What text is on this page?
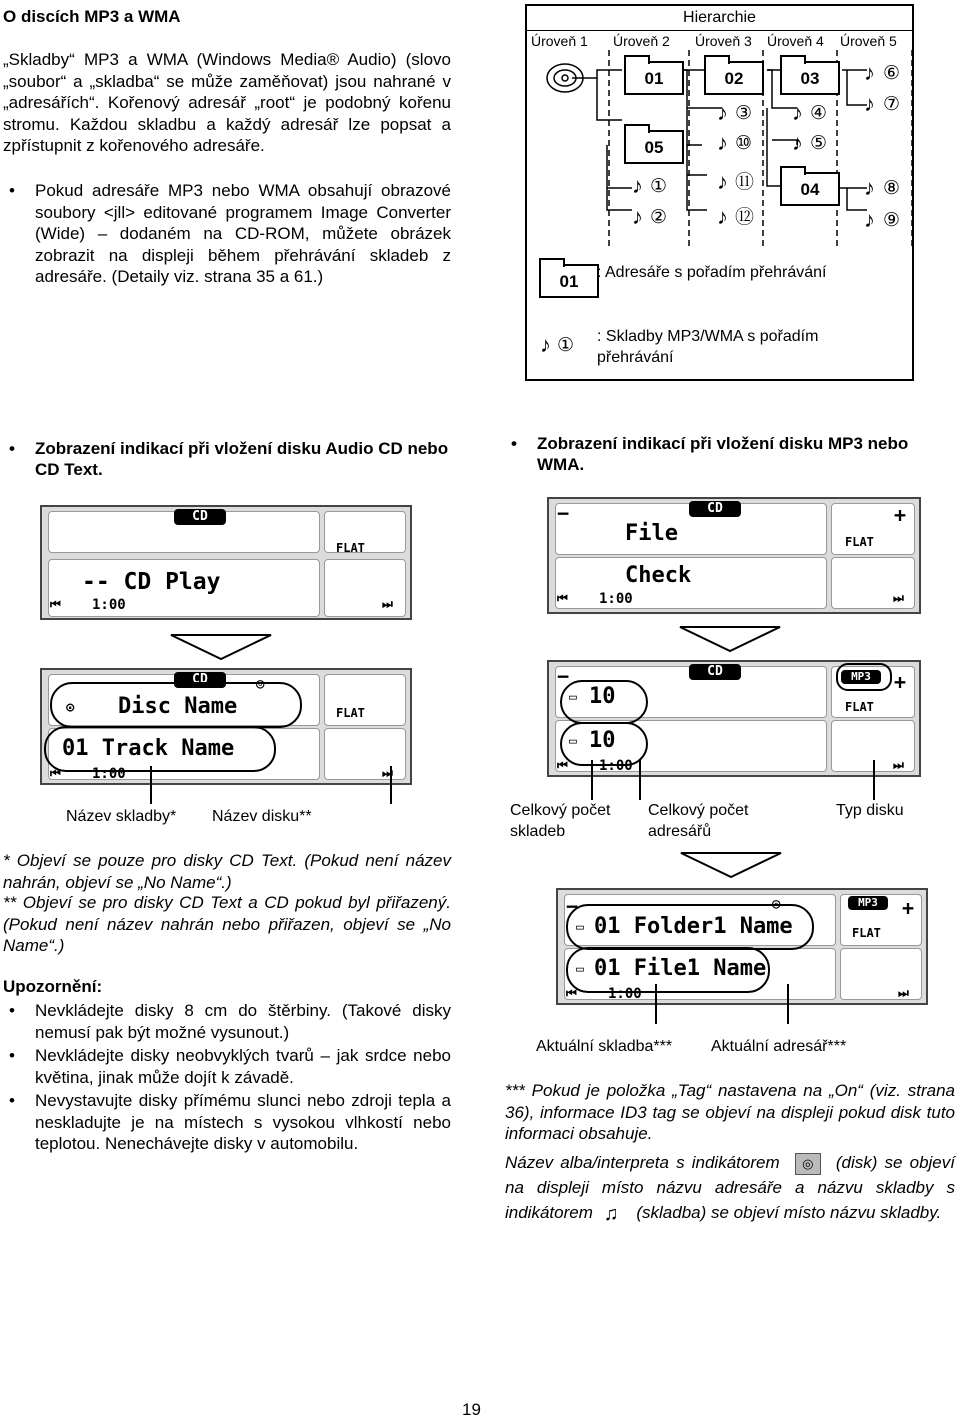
O discích MP3 a WMA
„Skladby“ MP3 a WMA (Windows Media® Audio) (slovo „soubor“ a „skladba“ se může zaměňovat) jsou nahrané v „adresářích“. Kořenový adresář „root“ je podobný kořenu stromu. Každou skladbu a každý adresář lze popsat a zpřístupnit z kořenového adresáře.
• Pokud adresáře MP3 nebo WMA obsahují obrazové soubory <jll> editované programem Image Converter (Wide) – dodaném na CD-ROM, můžete obrázek zobrazit na displeji během přehrávání skladeb z adresáře. (Detaily viz. strana 35 a 61.)
Hierarchie
Úroveň 1 Úroveň 2 Úroveň 3 Úroveň 4 Úroveň 5
01	02	03
05
04
♪ ⑥
♪ ⑦
♪ ③ ♪ ④
♪ ⑩ ♪ ⑤
♪ ① ♪ ⑪	♪ ⑧
♪ ② ♪ ⑫	♪ ⑨
01	: Adresáře s pořadím přehrávání
♪ ① : Skladby MP3/WMA s pořadím přehrávání
• Zobrazení indikací při vložení disku Audio CD nebo CD Text.
• Zobrazení indikací při vložení disku MP3 nebo WMA.
CD
FLAT
-- CD Play
⏮ 1:00	⏭
−	CD	+
File	FLAT
Check
⏮ 1:00	⏭
CD	◎
FLAT
⊙ Disc Name
01 Track Name
⏮ 1:00	⏭
−	CD	MP3	+
FLAT
▭ 10
▭ 10
⏮ 1:00	⏭
Název skladby* Název disku**	Celkový počet skladeb
Celkový počet adresářů
Typ disku
−	◎	MP3	+
FLAT
▭ 01 Folder1 Name
▭ 01 File1 Name
⏮ 1:00	⏭
Aktuální skladba*** Aktuální adresář***
* Objeví se pouze pro disky CD Text. (Pokud není název nahrán, objeví se „No Name“.)
** Objeví se pro disky CD Text a CD pokud byl přiřazený. (Pokud není název nahrán nebo přiřazen, objeví se „No Name“.)
Upozornění:
• Nevkládejte disky 8 cm do štěrbiny. (Takové disky nemusí pak být možné vysunout.)
• Nevkládejte disky neobvyklých tvarů – jak srdce nebo květina, jinak může dojít k závadě.
• Nevystavujte disky přímému slunci nebo zdroji tepla a neskladujte je na místech s vysokou vlhkostí nebo teplotou. Nenechávejte disky v automobilu.
*** Pokud je položka „Tag“ nastavena na „On“ (viz. strana 36), informace ID3 tag se objeví na displeji pokud disk tuto informaci obsahuje.
Název alba/interpreta s indikátorem ◎ (disk) se objeví na displeji místo názvu adresáře a názvu skladby s indikátorem ♫ (skladba) se objeví místo názvu skladby.
19
